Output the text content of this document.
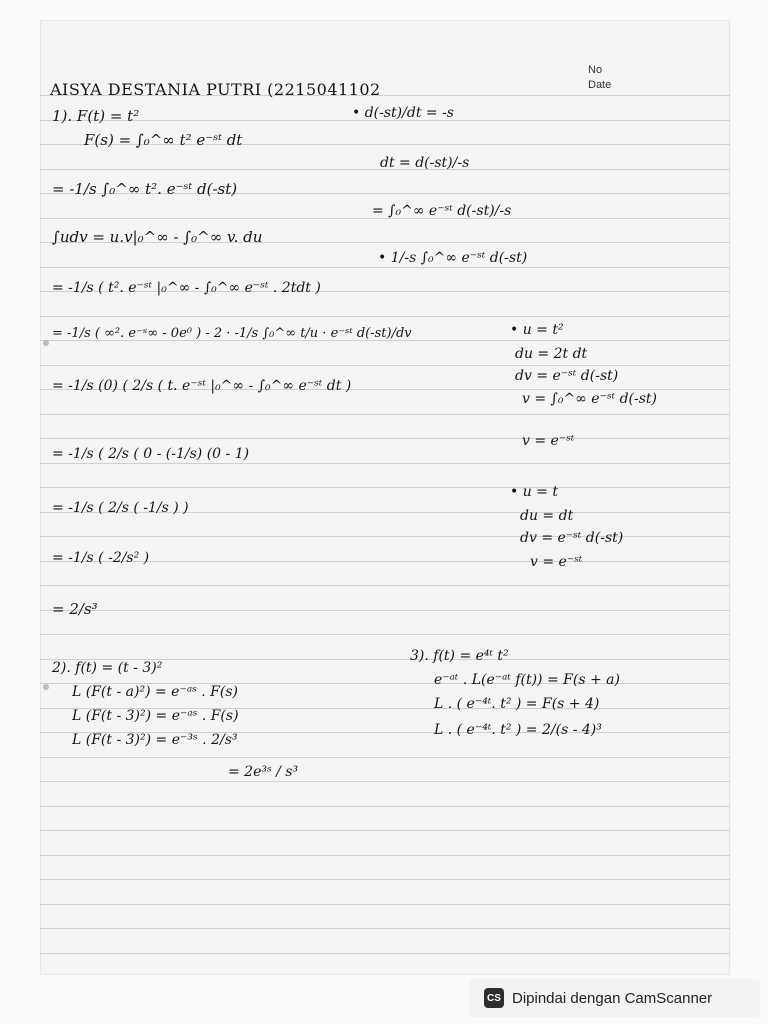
No
Date
AISYA DESTANIA PUTRI (2215041102
1). F(t) = t²
F(s) = ∫₀^∞ t² e⁻ˢᵗ dt
= -1/s ∫₀^∞ t². e⁻ˢᵗ d(-st)
∫udv = u.v|₀^∞ - ∫₀^∞ v. du
= -1/s ( t². e⁻ˢᵗ |₀^∞ - ∫₀^∞ e⁻ˢᵗ . 2tdt )
= -1/s ( ∞². e⁻ˢ∞ - 0e⁰ ) - 2 · -1/s ∫₀^∞ t/u · e⁻ˢᵗ d(-st)/dv
= -1/s (0) ( 2/s ( t. e⁻ˢᵗ |₀^∞ - ∫₀^∞ e⁻ˢᵗ dt )
= -1/s ( 2/s ( 0 - (-1/s) (0 - 1)
= -1/s ( 2/s ( -1/s ) )
= -1/s ( -2/s² )
= 2/s³
• d(-st)/dt = -s
dt = d(-st)/-s
= ∫₀^∞ e⁻ˢᵗ d(-st)/-s
• 1/-s ∫₀^∞ e⁻ˢᵗ d(-st)
• u = t²
du = 2t dt
dv = e⁻ˢᵗ d(-st)
v = ∫₀^∞ e⁻ˢᵗ d(-st)
v = e⁻ˢᵗ
• u = t
du = dt
dv = e⁻ˢᵗ d(-st)
v = e⁻ˢᵗ
2). f(t) = (t - 3)²
L (F(t - a)²) = e⁻ᵃˢ . F(s)
L (F(t - 3)²) = e⁻ᵃˢ . F(s)
L (F(t - 3)²) = e⁻³ˢ . 2/s³
= 2e³ˢ / s³
3). f(t) = e⁴ᵗ t²
e⁻ᵃᵗ . L(e⁻ᵃᵗ f(t)) = F(s + a)
L . ( e⁻⁴ᵗ. t² ) = F(s + 4)
L . ( e⁻⁴ᵗ. t² ) = 2/(s - 4)³
CS Dipindai dengan CamScanner
